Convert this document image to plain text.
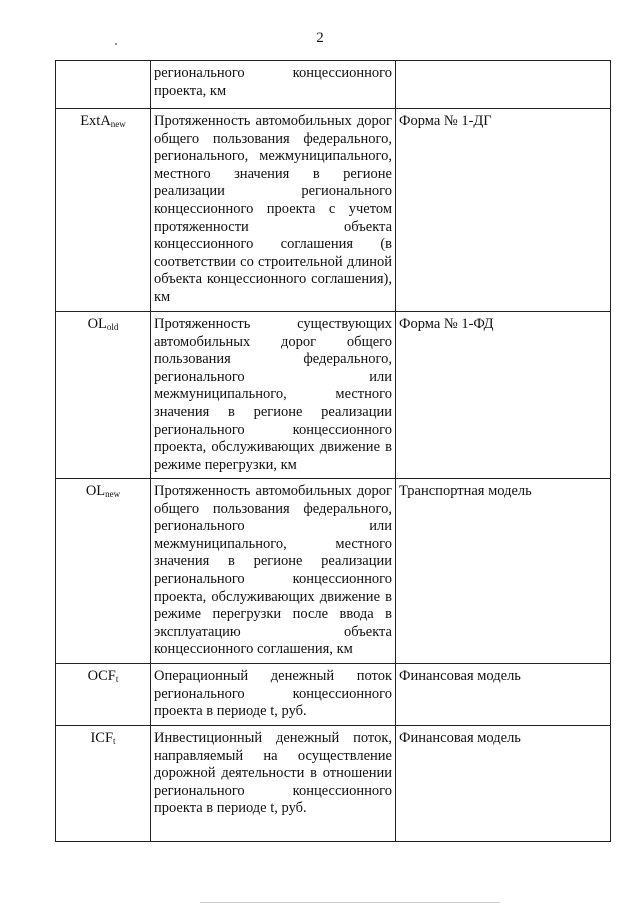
2
	регионального концессионного проекта, км	
ExtA$_{new}$	Протяженность автомобильных дорог общего пользования федерального, регионального, межмуниципального, местного значения в регионе реализации регионального концессионного проекта с учетом протяженности объекта концессионного соглашения (в соответствии со строительной длиной объекта концессионного соглашения), км	Форма № 1-ДГ
$OL_{old}$	Протяженность существующих автомобильных дорог общего пользования федерального, регионального или межмуниципального, местного значения в регионе реализации регионального концессионного проекта, обслуживающих движение в режиме перегрузки, км	Форма № 1-ФД
$OL_{new}$	Протяженность автомобильных дорог общего пользования федерального, регионального или межмуниципального, местного значения в регионе реализации регионального концессионного проекта, обслуживающих движение в режиме перегрузки после ввода в эксплуатацию объекта концессионного соглашения, км	Транспортная модель
$OCF_t$	Операционный денежный поток регионального концессионного проекта в периоде t, руб.	Финансовая модель
$ICF_t$	Инвестиционный денежный поток, направляемый на осуществление дорожной деятельности в отношении регионального концессионного проекта в периоде t, руб.	Финансовая модель
